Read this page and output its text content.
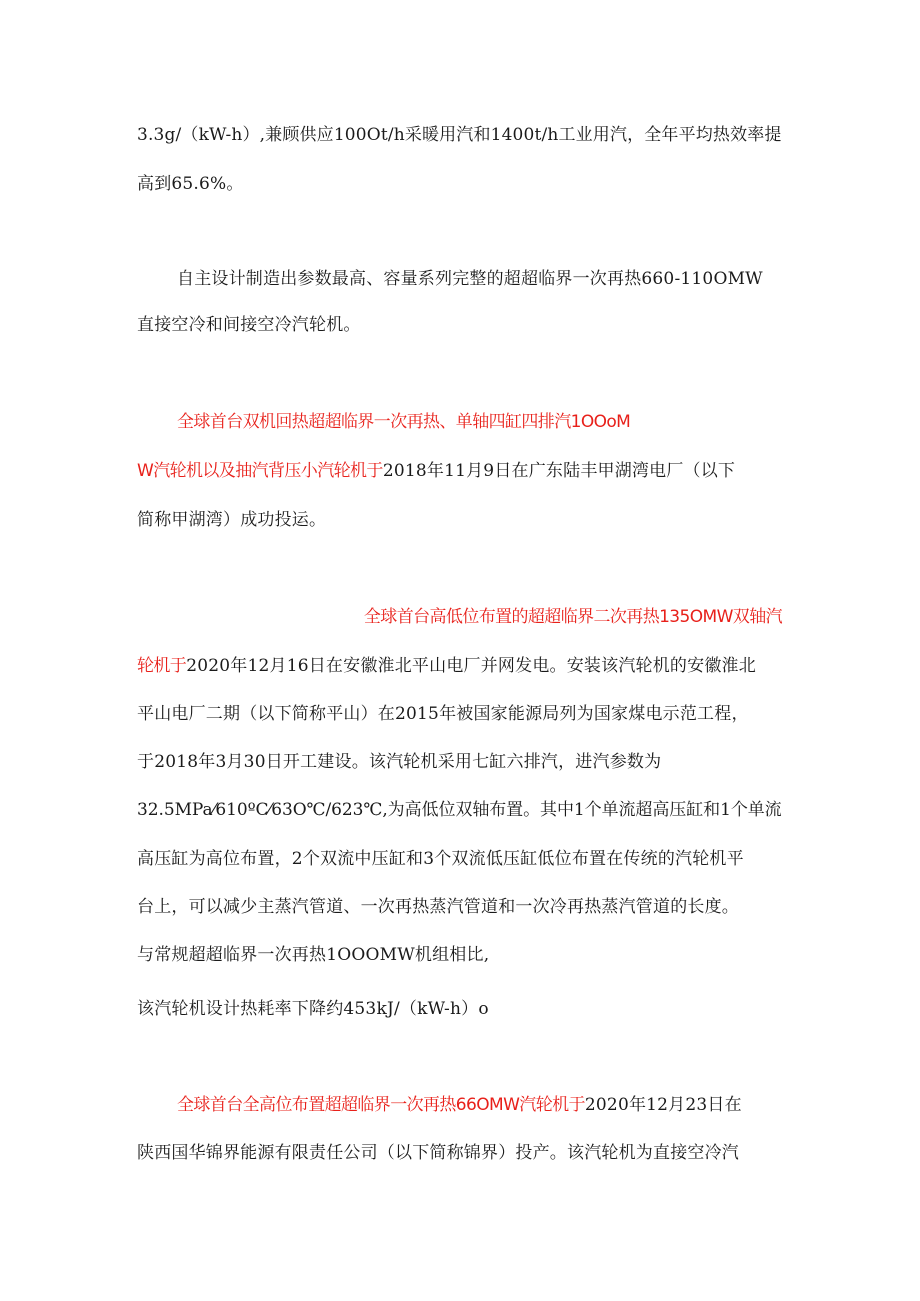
3.3g/（kW-h）,兼顾供应100Ot/h采暖用汽和1400t/h工业用汽，全年平均热效率提
高到65.6%。
自主设计制造出参数最高、容量系列完整的超超临界一次再热660-110OMW
直接空冷和间接空冷汽轮机。
全球首台双机回热超超临界一次再热、单轴四缸四排汽1OOoM
W汽轮机以及抽汽背压小汽轮机于2018年11月9日在广东陆丰甲湖湾电厂（以下
简称甲湖湾）成功投运。
全球首台高低位布置的超超临界二次再热135OMW双轴汽
轮机于2020年12月16日在安徽淮北平山电厂并网发电。安装该汽轮机的安徽淮北
平山电厂二期（以下简称平山）在2015年被国家能源局列为国家煤电示范工程，
于2018年3月30日开工建设。该汽轮机采用七缸六排汽，进汽参数为
32.5MPa⁄610ºC⁄63O℃/623℃,为高低位双轴布置。其中1个单流超高压缸和1个单流
高压缸为高位布置，2个双流中压缸和3个双流低压缸低位布置在传统的汽轮机平
台上，可以减少主蒸汽管道、一次再热蒸汽管道和一次冷再热蒸汽管道的长度。
与常规超超临界一次再热1OOOMW机组相比,
该汽轮机设计热耗率下降约453kJ/（kW-h）o
全球首台全高位布置超超临界一次再热66OMW汽轮机于2020年12月23日在
陕西国华锦界能源有限责任公司（以下简称锦界）投产。该汽轮机为直接空冷汽
